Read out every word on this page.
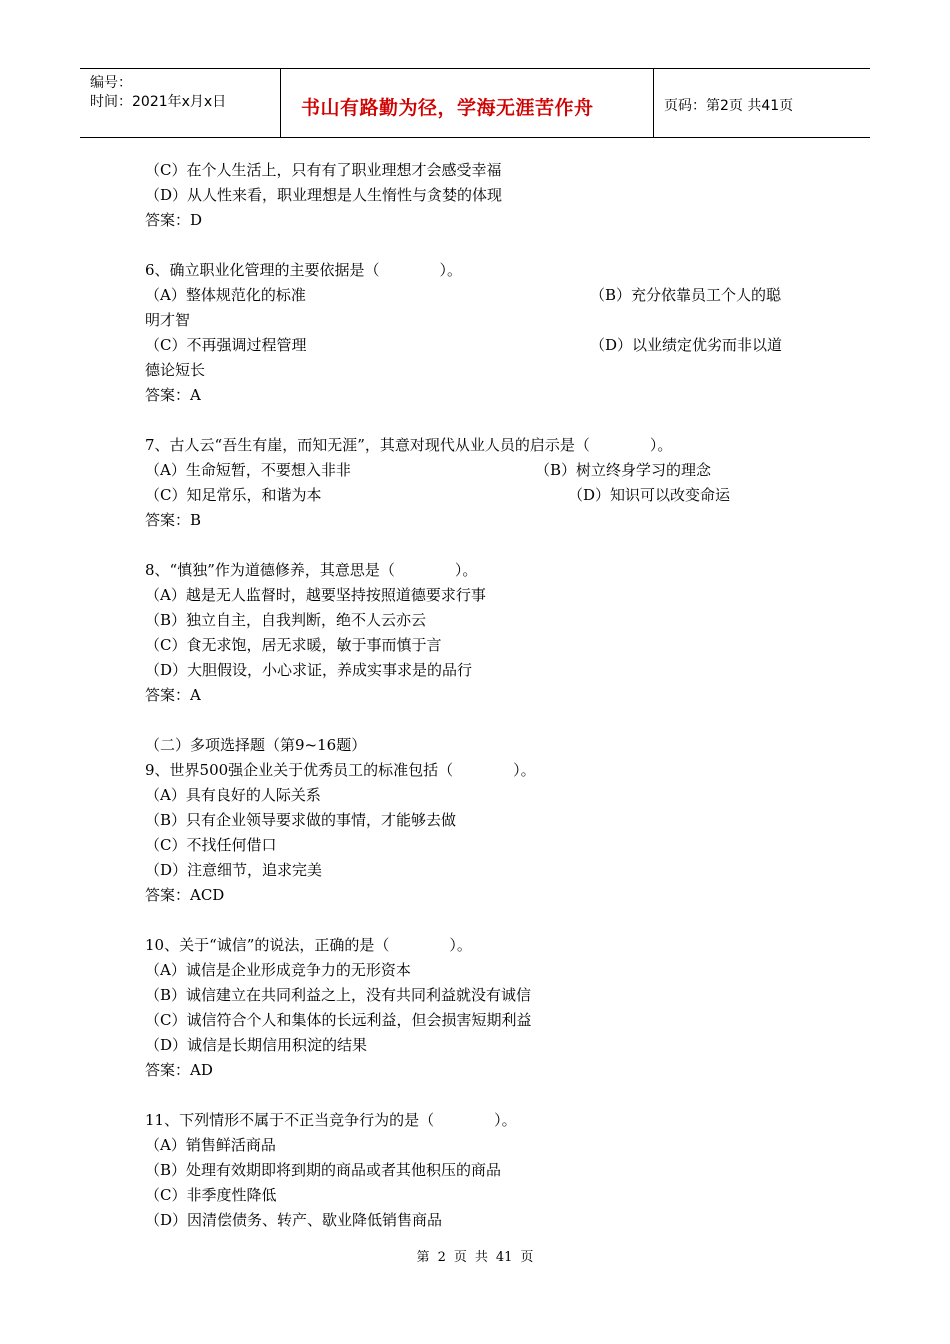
编号：
时间：2021年x月x日	书山有路勤为径，学海无涯苦作舟	页码：第2页 共41页
（C）在个人生活上，只有有了职业理想才会感受幸福
（D）从人性来看，职业理想是人生惰性与贪婪的体现
答案：D
6、确立职业化管理的主要依据是（　　　　）。
（A）整体规范化的标准	（B）充分依靠员工个人的聪
明才智
（C）不再强调过程管理	（D）以业绩定优劣而非以道
德论短长
答案：A
7、古人云“吾生有崖，而知无涯”，其意对现代从业人员的启示是（　　　　）。
（A）生命短暂，不要想入非非	（B）树立终身学习的理念
（C）知足常乐，和谐为本	（D）知识可以改变命运
答案：B
8、“慎独”作为道德修养，其意思是（　　　　）。
（A）越是无人监督时，越要坚持按照道德要求行事
（B）独立自主，自我判断，绝不人云亦云
（C）食无求饱，居无求暖，敏于事而慎于言
（D）大胆假设，小心求证，养成实事求是的品行
答案：A
（二）多项选择题（第9~16题）
9、世界500强企业关于优秀员工的标准包括（　　　　）。
（A）具有良好的人际关系
（B）只有企业领导要求做的事情，才能够去做
（C）不找任何借口
（D）注意细节，追求完美
答案：ACD
10、关于“诚信”的说法，正确的是（　　　　）。
（A）诚信是企业形成竞争力的无形资本
（B）诚信建立在共同利益之上，没有共同利益就没有诚信
（C）诚信符合个人和集体的长远利益，但会损害短期利益
（D）诚信是长期信用积淀的结果
答案：AD
11、下列情形不属于不正当竞争行为的是（　　　　）。
（A）销售鲜活商品
（B）处理有效期即将到期的商品或者其他积压的商品
（C）非季度性降低
（D）因清偿债务、转产、歇业降低销售商品
第 2 页 共 41 页
